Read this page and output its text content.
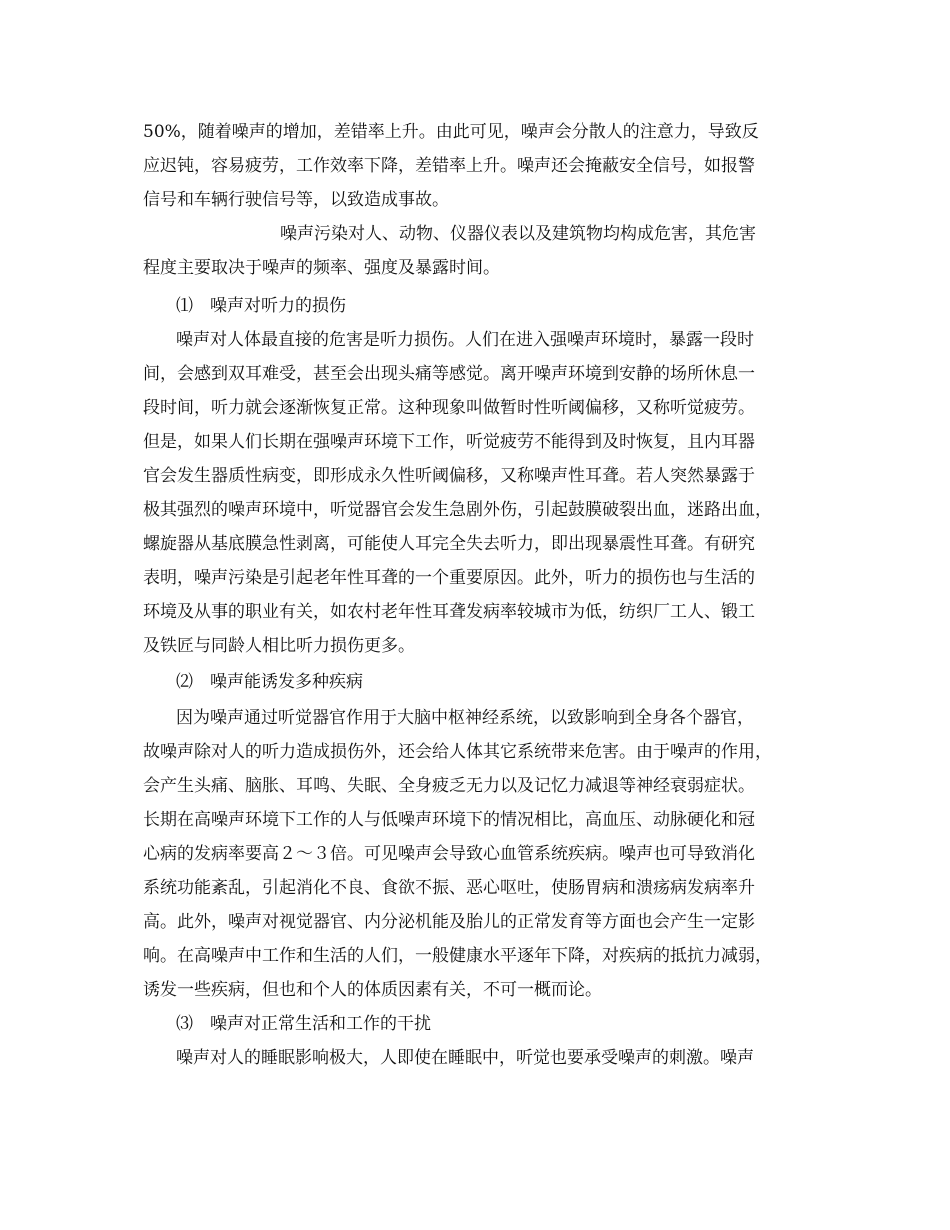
50%，随着噪声的增加，差错率上升。由此可见，噪声会分散人的注意力，导致反
应迟钝，容易疲劳，工作效率下降，差错率上升。噪声还会掩蔽安全信号，如报警
信号和车辆行驶信号等，以致造成事故。
噪声污染对人、动物、仪器仪表以及建筑物均构成危害，其危害
程度主要取决于噪声的频率、强度及暴露时间。
⑴　噪声对听力的损伤
噪声对人体最直接的危害是听力损伤。人们在进入强噪声环境时，暴露一段时
间，会感到双耳难受，甚至会出现头痛等感觉。离开噪声环境到安静的场所休息一
段时间，听力就会逐渐恢复正常。这种现象叫做暂时性听阈偏移，又称听觉疲劳。
但是，如果人们长期在强噪声环境下工作，听觉疲劳不能得到及时恢复，且内耳器
官会发生器质性病变，即形成永久性听阈偏移，又称噪声性耳聋。若人突然暴露于
极其强烈的噪声环境中，听觉器官会发生急剧外伤，引起鼓膜破裂出血，迷路出血，
螺旋器从基底膜急性剥离，可能使人耳完全失去听力，即出现暴震性耳聋。有研究
表明，噪声污染是引起老年性耳聋的一个重要原因。此外，听力的损伤也与生活的
环境及从事的职业有关，如农村老年性耳聋发病率较城市为低，纺织厂工人、锻工
及铁匠与同龄人相比听力损伤更多。
⑵　噪声能诱发多种疾病
因为噪声通过听觉器官作用于大脑中枢神经系统，以致影响到全身各个器官，
故噪声除对人的听力造成损伤外，还会给人体其它系统带来危害。由于噪声的作用，
会产生头痛、脑胀、耳鸣、失眠、全身疲乏无力以及记忆力减退等神经衰弱症状。
长期在高噪声环境下工作的人与低噪声环境下的情况相比，高血压、动脉硬化和冠
心病的发病率要高２～３倍。可见噪声会导致心血管系统疾病。噪声也可导致消化
系统功能紊乱，引起消化不良、食欲不振、恶心呕吐，使肠胃病和溃疡病发病率升
高。此外，噪声对视觉器官、内分泌机能及胎儿的正常发育等方面也会产生一定影
响。在高噪声中工作和生活的人们，一般健康水平逐年下降，对疾病的抵抗力减弱，
诱发一些疾病，但也和个人的体质因素有关，不可一概而论。
⑶　噪声对正常生活和工作的干扰
噪声对人的睡眠影响极大，人即使在睡眠中，听觉也要承受噪声的刺激。噪声
